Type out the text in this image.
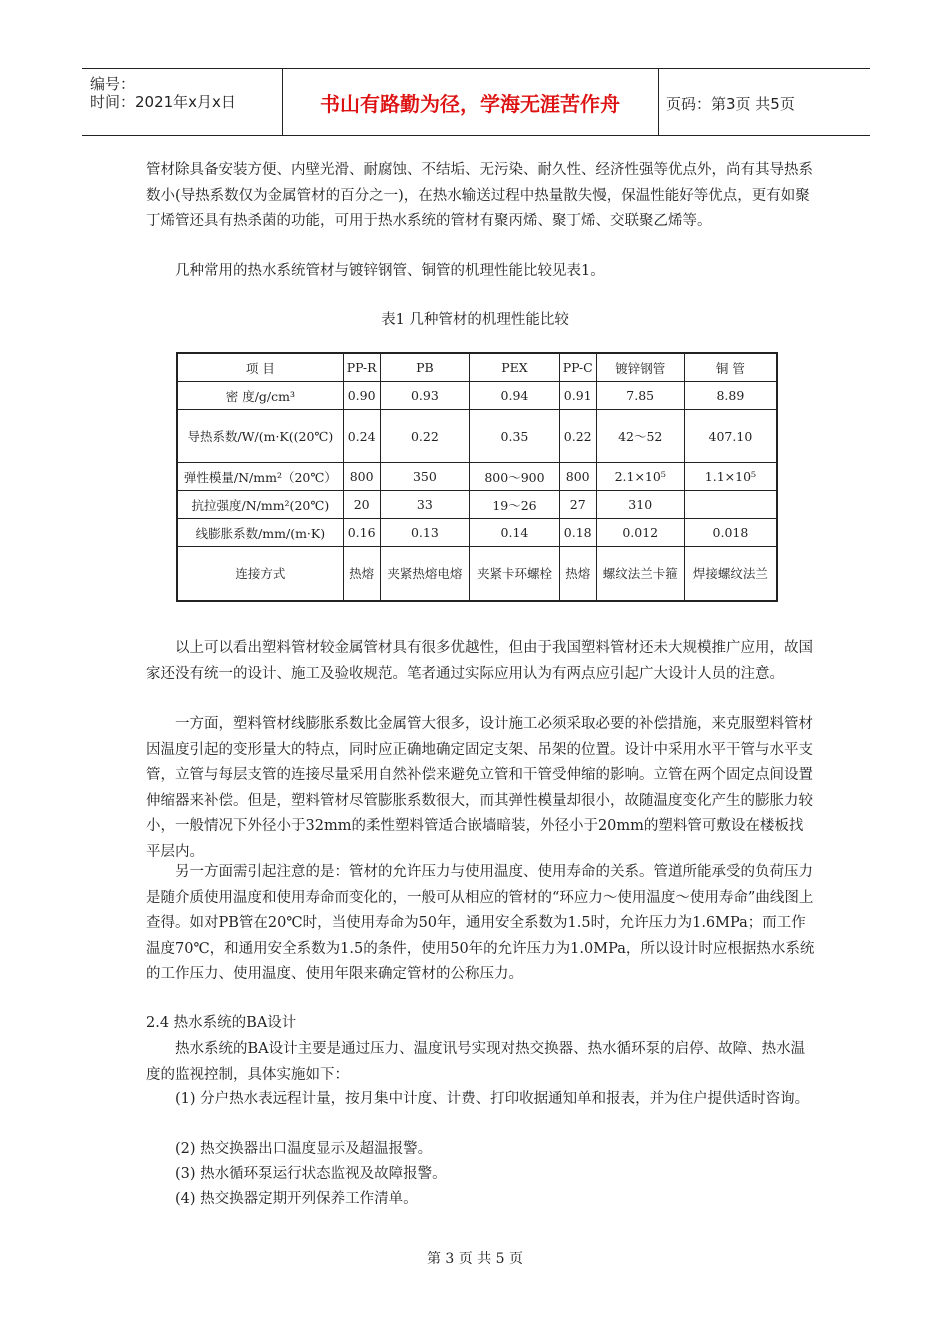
编号：
时间：2021年x月x日	书山有路勤为径，学海无涯苦作舟	页码：第3页 共5页

管材除具备安装方便、内壁光滑、耐腐蚀、不结垢、无污染、耐久性、经济性强等优点外，尚有其导热系数小(导热系数仅为金属管材的百分之一)，在热水输送过程中热量散失慢，保温性能好等优点，更有如聚丁烯管还具有热杀菌的功能，可用于热水系统的管材有聚丙烯、聚丁烯、交联聚乙烯等。

几种常用的热水系统管材与镀锌钢管、铜管的机理性能比较见表1。

表1 几种管材的机理性能比较
项 目	PP-R	PB	PEX	PP-C	镀锌钢管	铜 管
密 度/g/cm³	0.90	0.93	0.94	0.91	7.85	8.89
导热系数/W/(m·K((20℃)	0.24	0.22	0.35	0.22	42～52	407.10
弹性模量/N/mm²（20℃）	800	350	800～900	800	2.1×10⁵	1.1×10⁵
抗拉强度/N/mm²(20℃)	20	33	19～26	27	310	
线膨胀系数/mm/(m·K)	0.16	0.13	0.14	0.18	0.012	0.018
连接方式	热熔	夹紧热熔电熔	夹紧卡环螺栓	热熔	螺纹法兰卡箍	焊接螺纹法兰

以上可以看出塑料管材较金属管材具有很多优越性，但由于我国塑料管材还未大规模推广应用，故国家还没有统一的设计、施工及验收规范。笔者通过实际应用认为有两点应引起广大设计人员的注意。

一方面，塑料管材线膨胀系数比金属管大很多，设计施工必须采取必要的补偿措施，来克服塑料管材因温度引起的变形量大的特点，同时应正确地确定固定支架、吊架的位置。设计中采用水平干管与水平支管，立管与每层支管的连接尽量采用自然补偿来避免立管和干管受伸缩的影响。立管在两个固定点间设置伸缩器来补偿。但是，塑料管材尽管膨胀系数很大，而其弹性模量却很小，故随温度变化产生的膨胀力较小，一般情况下外径小于32mm的柔性塑料管适合嵌墙暗装，外径小于20mm的塑料管可敷设在楼板找平层内。

另一方面需引起注意的是：管材的允许压力与使用温度、使用寿命的关系。管道所能承受的负荷压力是随介质使用温度和使用寿命而变化的，一般可从相应的管材的“环应力～使用温度～使用寿命”曲线图上查得。如对PB管在20℃时，当使用寿命为50年，通用安全系数为1.5时，允许压力为1.6MPa；而工作温度70℃，和通用安全系数为1.5的条件，使用50年的允许压力为1.0MPa，所以设计时应根据热水系统的工作压力、使用温度、使用年限来确定管材的公称压力。

2.4 热水系统的BA设计

热水系统的BA设计主要是通过压力、温度讯号实现对热交换器、热水循环泵的启停、故障、热水温度的监视控制，具体实施如下：

(1) 分户热水表远程计量，按月集中计度、计费、打印收据通知单和报表，并为住户提供适时咨询。

(2) 热交换器出口温度显示及超温报警。
(3) 热水循环泵运行状态监视及故障报警。
(4) 热交换器定期开列保养工作清单。
第 3 页 共 5 页
